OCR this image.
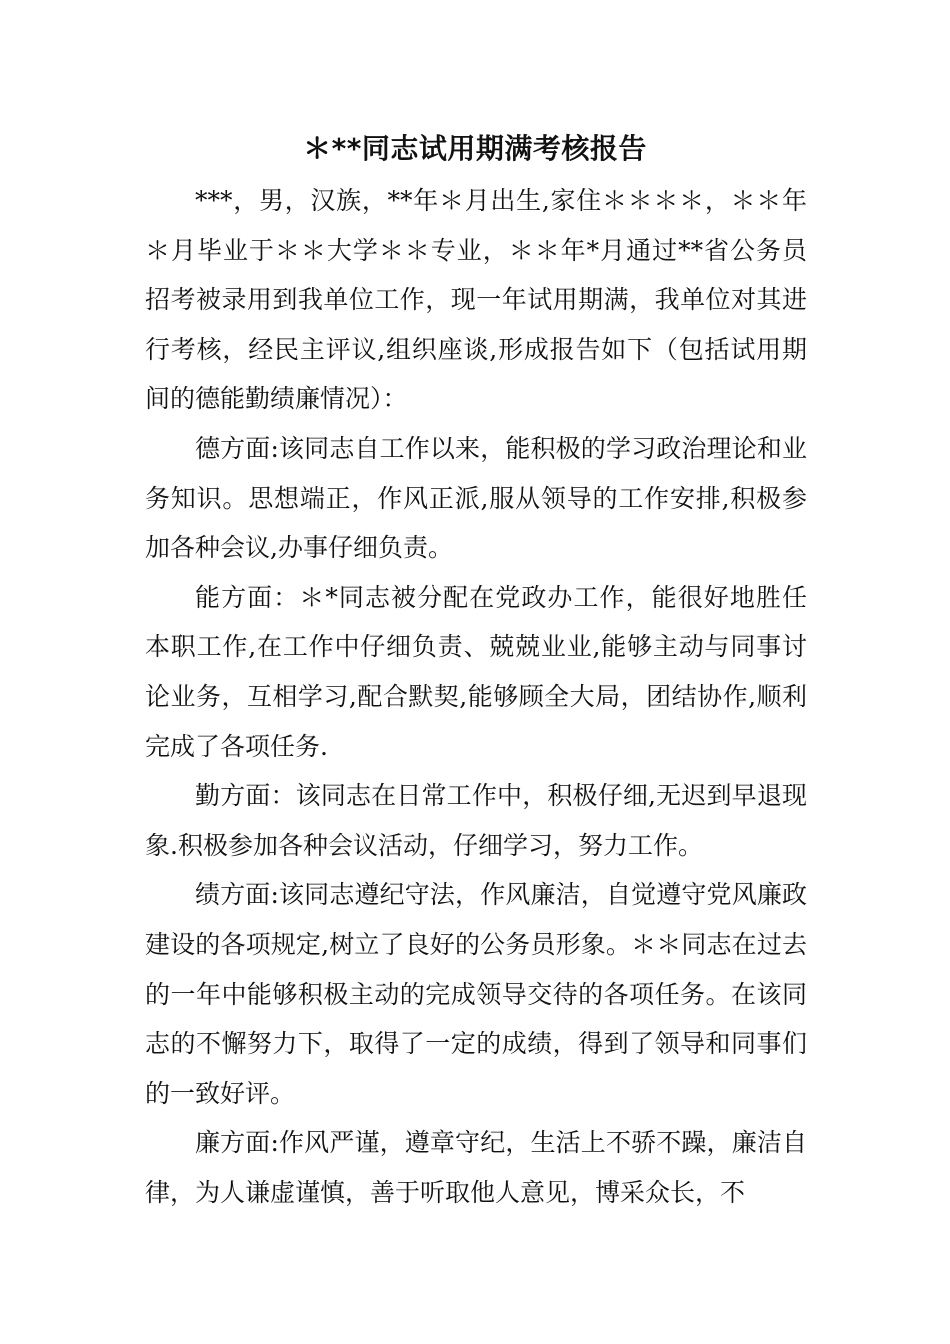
＊**同志试用期满考核报告

***，男，汉族，**年＊月出生,家住＊＊＊＊，＊＊年＊月毕业于＊＊大学＊＊专业，＊＊年*月通过**省公务员招考被录用到我单位工作，现一年试用期满，我单位对其进行考核，经民主评议,组织座谈,形成报告如下（包括试用期间的德能勤绩廉情况）：

德方面:该同志自工作以来，能积极的学习政治理论和业务知识。思想端正，作风正派,服从领导的工作安排,积极参加各种会议,办事仔细负责。

能方面：＊*同志被分配在党政办工作，能很好地胜任本职工作,在工作中仔细负责、兢兢业业,能够主动与同事讨论业务，互相学习,配合默契,能够顾全大局，团结协作,顺利完成了各项任务.

勤方面：该同志在日常工作中，积极仔细,无迟到早退现象.积极参加各种会议活动，仔细学习，努力工作。

绩方面:该同志遵纪守法，作风廉洁，自觉遵守党风廉政建设的各项规定,树立了良好的公务员形象。＊＊同志在过去的一年中能够积极主动的完成领导交待的各项任务。在该同志的不懈努力下，取得了一定的成绩，得到了领导和同事们的一致好评。

廉方面:作风严谨，遵章守纪，生活上不骄不躁，廉洁自律，为人谦虚谨慎，善于听取他人意见，博采众长，不
